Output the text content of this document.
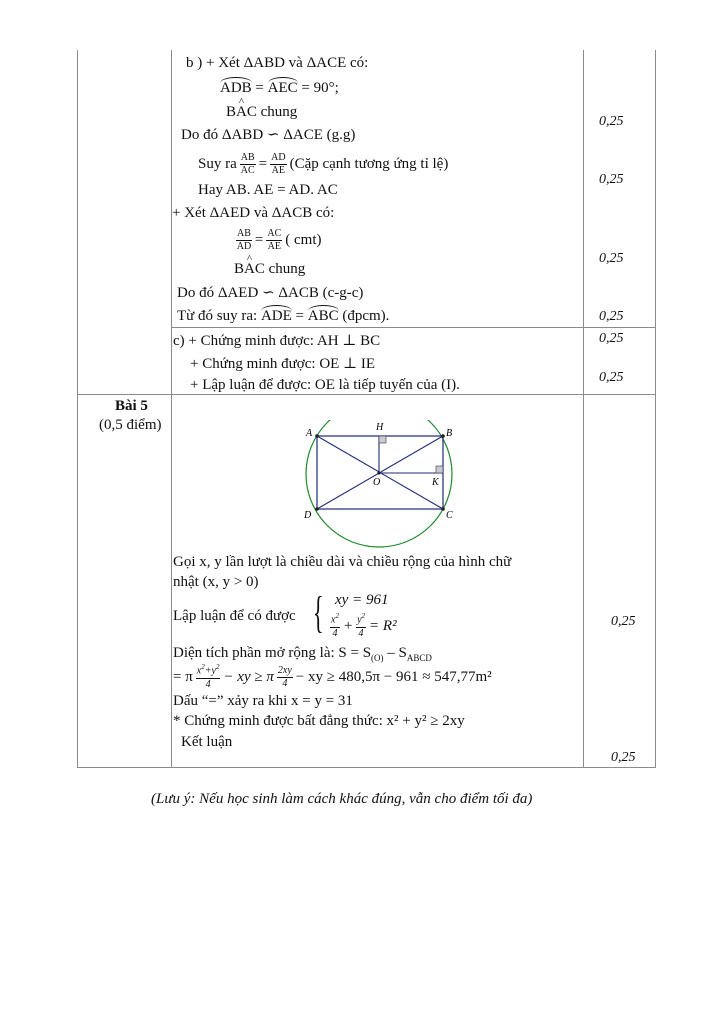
b ) + Xét ΔABD và ΔACE có:
ADB = AEC = 90°;
BAC ^ chung
Do đó ΔABD ∽ ΔACE (g.g)
Suy ra $\frac{AB}{AC} = \frac{AD}{AE}$ (Cặp cạnh tương ứng tỉ lệ)
Hay AB. AE = AD. AC
+ Xét ΔAED và ΔACB có:
$\frac{AB}{AD} = \frac{AC}{AE}$ ( cmt)
BAC ^ chung
Do đó ΔAED ∽ ΔACB (c-g-c)
Từ đó suy ra: ADE = ABC (đpcm).
0,25
0,25
0,25
0,25
c) + Chứng minh được: AH ⊥ BC
+ Chứng minh được: OE ⊥ IE
+ Lập luận để được: OE là tiếp tuyến của (I).
0,25
0,25
Bài 5
(0,5 điểm)
A	B
C
D
O
H
K
Gọi x, y lần lượt là chiều dài và chiều rộng của hình chữ
nhật (x, y > 0)
Lập luận để có được { xy = 961
$\frac{x^2}{4} + \frac{y^2}{4} = R^2$
Diện tích phần mở rộng là: $S = S_{(O)} - S_{ABCD}$
= π $\frac{x^2+y^2}{4}$ − xy ≥ π $\frac{2xy}{4}$ − xy ≥ 480,5π − 961 ≈ 547,77m²
Dấu “=” xảy ra khi x = y = 31
* Chứng minh được bất đẳng thức: x² + y² ≥ 2xy
Kết luận
0,25
0,25
(Lưu ý: Nếu học sinh làm cách khác đúng, vẫn cho điểm tối đa)
